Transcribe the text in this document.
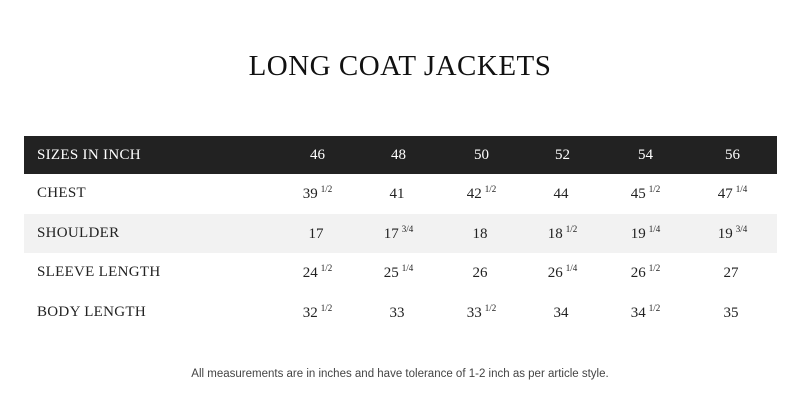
LONG COAT JACKETS
SIZES IN INCH	46	48	50	52	54	56
CHEST	39 $^{1/2}$	41	42 $^{1/2}$	44	45 $^{1/2}$	47 $^{1/4}$
SHOULDER	17	17 $^{3/4}$	18	18 $^{1/2}$	19 $^{1/4}$	19 $^{3/4}$
SLEEVE LENGTH	24 $^{1/2}$	25 $^{1/4}$	26	26 $^{1/4}$	26 $^{1/2}$	27
BODY LENGTH	32 $^{1/2}$	33	33 $^{1/2}$	34	34 $^{1/2}$	35
All measurements are in inches and have tolerance of 1-2 inch as per article style.
